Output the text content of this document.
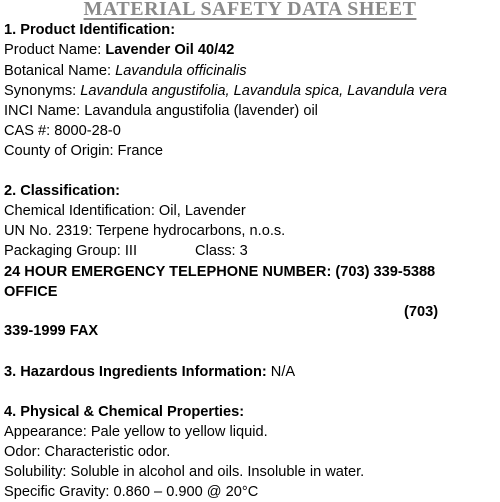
MATERIAL SAFETY DATA SHEET
1. Product Identification:
Product Name: Lavender Oil 40/42
Botanical Name: Lavandula officinalis
Synonyms: Lavandula angustifolia, Lavandula spica, Lavandula vera
INCI Name: Lavandula angustifolia (lavender) oil
CAS #: 8000-28-0
County of Origin: France
2. Classification:
Chemical Identification: Oil, Lavender
UN No. 2319: Terpene hydrocarbons, n.o.s.
Packaging Group: III	Class: 3
24 HOUR EMERGENCY TELEPHONE NUMBER: (703) 339-5388
OFFICE
(703)
339-1999 FAX
3. Hazardous Ingredients Information: N/A
4. Physical & Chemical Properties:
Appearance: Pale yellow to yellow liquid.
Odor: Characteristic odor.
Solubility: Soluble in alcohol and oils. Insoluble in water.
Specific Gravity: 0.860 – 0.900 @ 20°C
